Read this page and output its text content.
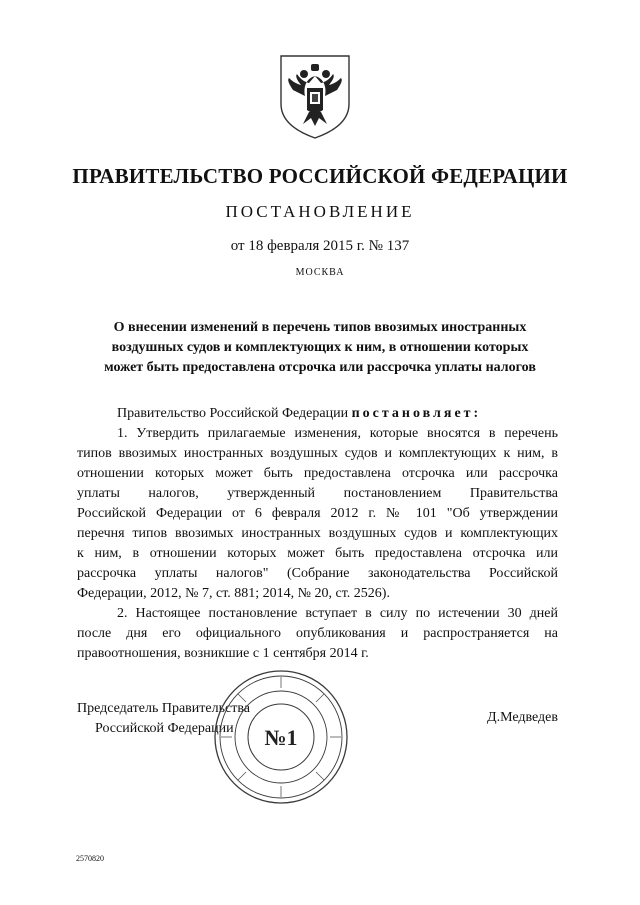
ПРАВИТЕЛЬСТВО РОССИЙСКОЙ ФЕДЕРАЦИИ
ПОСТАНОВЛЕНИЕ
от 18 февраля 2015 г. № 137
МОСКВА
О внесении изменений в перечень типов ввозимых иностранных
воздушных судов и комплектующих к ним, в отношении которых
может быть предоставлена отсрочка или рассрочка уплаты налогов
Правительство Российской Федерации постановляет:
1. Утвердить прилагаемые изменения, которые вносятся в перечень
типов ввозимых иностранных воздушных судов и комплектующих к ним, в
отношении которых может быть предоставлена отсрочка или рассрочка
уплаты налогов, утвержденный постановлением Правительства
Российской Федерации от 6 февраля 2012 г. № 101 "Об утверждении
перечня типов ввозимых иностранных воздушных судов и комплектующих
к ним, в отношении которых может быть предоставлена отсрочка или
рассрочка уплаты налогов" (Собрание законодательства Российской
Федерации, 2012, № 7, ст. 881; 2014, № 20, ст. 2526).
2. Настоящее постановление вступает в силу по истечении 30 дней
после дня его официального опубликования и распространяется на
правоотношения, возникшие с 1 сентября 2014 г.
Председатель Правительства
Российской Федерации	№1
Д.Медведев
2570820
